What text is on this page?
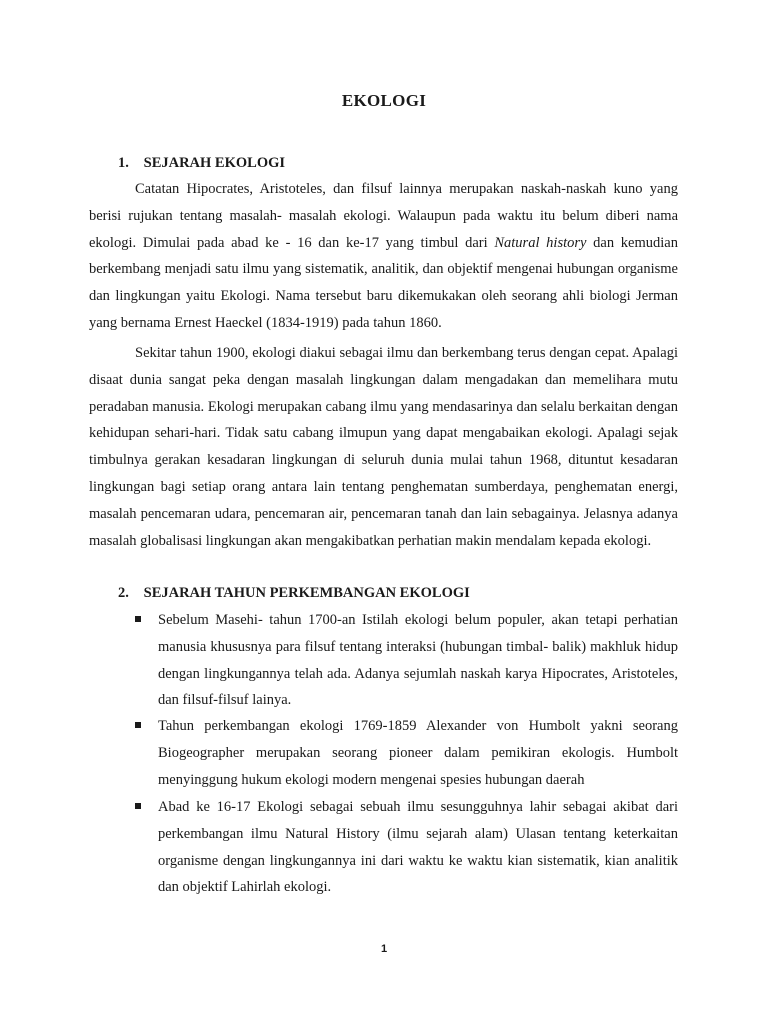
EKOLOGI
1. SEJARAH EKOLOGI

Catatan Hipocrates, Aristoteles, dan filsuf lainnya merupakan naskah-naskah kuno yang berisi rujukan tentang masalah- masalah ekologi. Walaupun pada waktu itu belum diberi nama ekologi. Dimulai pada abad ke - 16 dan ke-17 yang timbul dari Natural history dan kemudian berkembang menjadi satu ilmu yang sistematik, analitik, dan objektif mengenai hubungan organisme dan lingkungan yaitu Ekologi. Nama tersebut baru dikemukakan oleh seorang ahli biologi Jerman yang bernama Ernest Haeckel (1834-1919) pada tahun 1860.

Sekitar tahun 1900, ekologi diakui sebagai ilmu dan berkembang terus dengan cepat. Apalagi disaat dunia sangat peka dengan masalah lingkungan dalam mengadakan dan memelihara mutu peradaban manusia. Ekologi merupakan cabang ilmu yang mendasarinya dan selalu berkaitan dengan kehidupan sehari-hari. Tidak satu cabang ilmupun yang dapat mengabaikan ekologi. Apalagi sejak timbulnya gerakan kesadaran lingkungan di seluruh dunia mulai tahun 1968, dituntut kesadaran lingkungan bagi setiap orang antara lain tentang penghematan sumberdaya, penghematan energi, masalah pencemaran udara, pencemaran air, pencemaran tanah dan lain sebagainya. Jelasnya adanya masalah globalisasi lingkungan akan mengakibatkan perhatian makin mendalam kepada ekologi.

2. SEJARAH TAHUN PERKEMBANGAN EKOLOGI

Sebelum Masehi- tahun 1700-an Istilah ekologi belum populer, akan tetapi perhatian manusia khususnya para filsuf tentang interaksi (hubungan timbal- balik) makhluk hidup dengan lingkungannya telah ada. Adanya sejumlah naskah karya Hipocrates, Aristoteles, dan filsuf-filsuf lainya.

Tahun perkembangan ekologi 1769-1859 Alexander von Humbolt yakni seorang Biogeographer merupakan seorang pioneer dalam pemikiran ekologis. Humbolt menyinggung hukum ekologi modern mengenai spesies hubungan daerah

Abad ke 16-17 Ekologi sebagai sebuah ilmu sesungguhnya lahir sebagai akibat dari perkembangan ilmu Natural History (ilmu sejarah alam) Ulasan tentang keterkaitan organisme dengan lingkungannya ini dari waktu ke waktu kian sistematik, kian analitik dan objektif Lahirlah ekologi.

1
